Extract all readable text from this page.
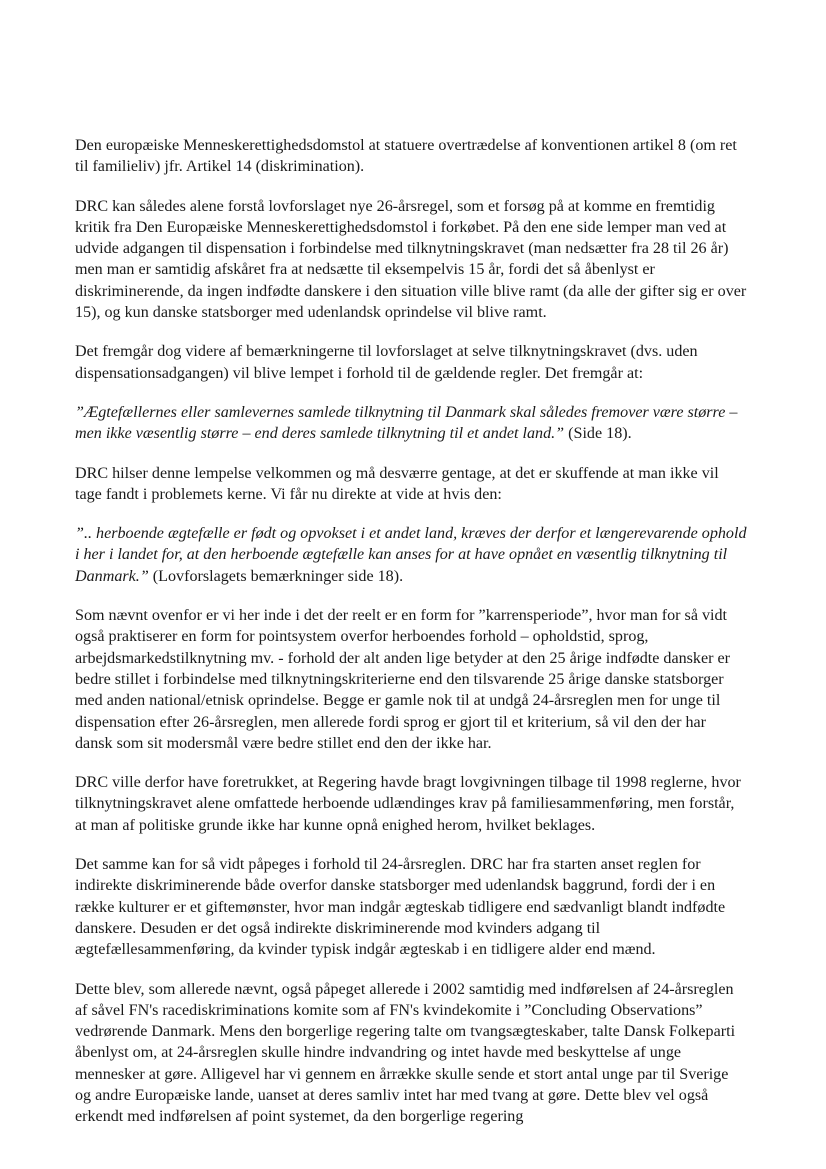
Den europæiske Menneskerettighedsdomstol at statuere overtrædelse af konventionen artikel 8 (om ret til familieliv) jfr. Artikel 14 (diskrimination).

DRC kan således alene forstå lovforslaget nye 26-årsregel, som et forsøg på at komme en fremtidig kritik fra Den Europæiske Menneskerettighedsdomstol i forkøbet. På den ene side lemper man ved at udvide adgangen til dispensation i forbindelse med tilknytningskravet (man nedsætter fra 28 til 26 år) men man er samtidig afskåret fra at nedsætte til eksempelvis 15 år, fordi det så åbenlyst er diskriminerende, da ingen indfødte danskere i den situation ville blive ramt (da alle der gifter sig er over 15), og kun danske statsborger med udenlandsk oprindelse vil blive ramt.

Det fremgår dog videre af bemærkningerne til lovforslaget at selve tilknytningskravet (dvs. uden dispensationsadgangen) vil blive lempet i forhold til de gældende regler. Det fremgår at:

”Ægtefællernes eller samlevernes samlede tilknytning til Danmark skal således fremover være større – men ikke væsentlig større – end deres samlede tilknytning til et andet land.” (Side 18).

DRC hilser denne lempelse velkommen og må desværre gentage, at det er skuffende at man ikke vil tage fandt i problemets kerne. Vi får nu direkte at vide at hvis den:

”.. herboende ægtefælle er født og opvokset i et andet land, kræves der derfor et længerevarende ophold i her i landet for, at den herboende ægtefælle kan anses for at have opnået en væsentlig tilknytning til Danmark.” (Lovforslagets bemærkninger side 18).

Som nævnt ovenfor er vi her inde i det der reelt er en form for ”karrensperiode”, hvor man for så vidt også praktiserer en form for pointsystem overfor herboendes forhold – opholdstid, sprog, arbejdsmarkedstilknytning mv. - forhold der alt anden lige betyder at den 25 årige indfødte dansker er bedre stillet i forbindelse med tilknytningskriterierne end den tilsvarende 25 årige danske statsborger med anden national/etnisk oprindelse. Begge er gamle nok til at undgå 24-årsreglen men for unge til dispensation efter 26-årsreglen, men allerede fordi sprog er gjort til et kriterium, så vil den der har dansk som sit modersmål være bedre stillet end den der ikke har.

DRC ville derfor have foretrukket, at Regering havde bragt lovgivningen tilbage til 1998 reglerne, hvor tilknytningskravet alene omfattede herboende udlændinges krav på familiesammenføring, men forstår, at man af politiske grunde ikke har kunne opnå enighed herom, hvilket beklages.

Det samme kan for så vidt påpeges i forhold til 24-årsreglen. DRC har fra starten anset reglen for indirekte diskriminerende både overfor danske statsborger med udenlandsk baggrund, fordi der i en række kulturer er et giftemønster, hvor man indgår ægteskab tidligere end sædvanligt blandt indfødte danskere. Desuden er det også indirekte diskriminerende mod kvinders adgang til ægtefællesammenføring, da kvinder typisk indgår ægteskab i en tidligere alder end mænd.

Dette blev, som allerede nævnt, også påpeget allerede i 2002 samtidig med indførelsen af 24-årsreglen af såvel FN's racediskriminations komite som af FN's kvindekomite i ”Concluding Observations” vedrørende Danmark. Mens den borgerlige regering talte om tvangsægteskaber, talte Dansk Folkeparti åbenlyst om, at 24-årsreglen skulle hindre indvandring og intet havde med beskyttelse af unge mennesker at gøre. Alligevel har vi gennem en årrække skulle sende et stort antal unge par til Sverige og andre Europæiske lande, uanset at deres samliv intet har med tvang at gøre. Dette blev vel også erkendt med indførelsen af point systemet, da den borgerlige regering
